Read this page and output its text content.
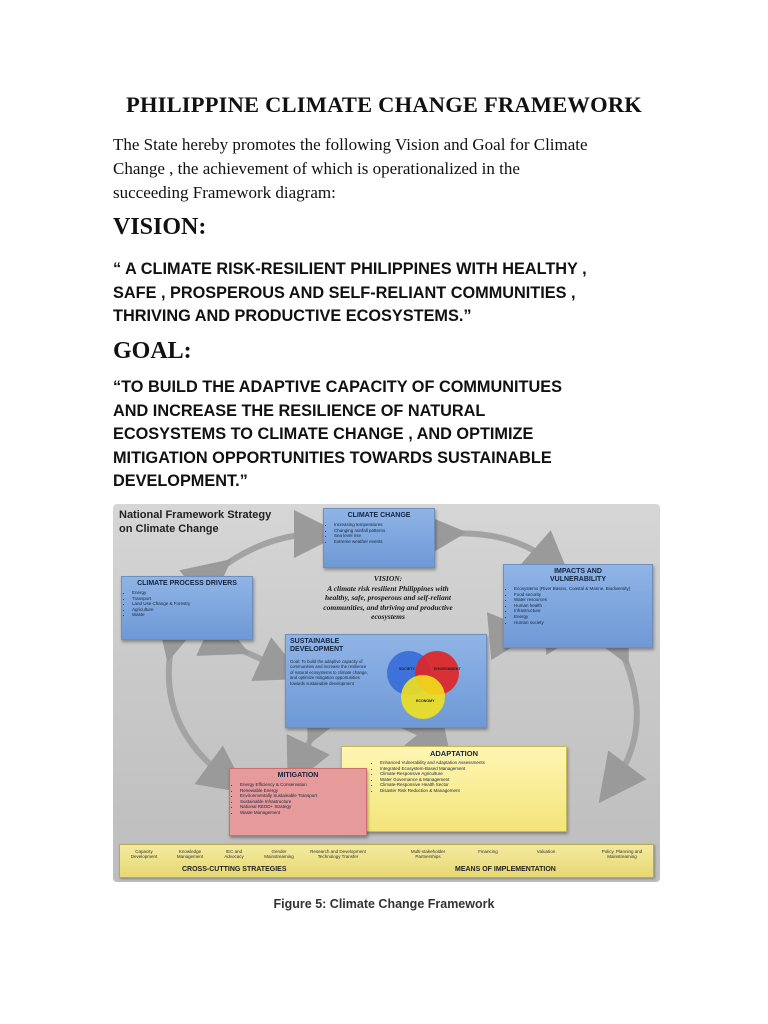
PHILIPPINE CLIMATE CHANGE FRAMEWORK
The State hereby promotes the following Vision and Goal for Climate
Change , the achievement of which is operationalized in the
succeeding Framework diagram:
VISION:
“ A CLIMATE RISK-RESILIENT PHILIPPINES WITH HEALTHY ,
SAFE , PROSPEROUS AND SELF-RELIANT COMMUNITIES ,
THRIVING AND PRODUCTIVE ECOSYSTEMS.”
GOAL:
“TO BUILD THE ADAPTIVE CAPACITY OF COMMUNITUES
AND INCREASE THE RESILIENCE OF NATURAL
ECOSYSTEMS TO CLIMATE CHANGE , AND OPTIMIZE
MITIGATION OPPORTUNITIES TOWARDS SUSTAINABLE
DEVELOPMENT.”
National Framework Strategy
on Climate Change
CLIMATE CHANGE
• Increasing temperatures
• Changing rainfall patterns
• Sea level rise
• Extreme weather events
CLIMATE PROCESS DRIVERS
• Energy
• Transport
• Land Use Change & Forestry
• Agriculture
• Waste
IMPACTS AND
VULNERABILITY
• Ecosystems (River Basins, Coastal & Marine, Biodiversity)
• Food security
• Water resources
• Human health
• Infrastructure
• Energy
• Human society
VISION:
A climate risk resilient Philippines with
healthy, safe, prosperous and self-reliant
communities, and thriving and productive
ecosystems
SUSTAINABLE
DEVELOPMENT
Goal: To build the adaptive capacity of communities and increase the resilience of natural ecosystems to climate change, and optimize mitigation opportunities towards sustainable development
SOCIETY	ENVIRONMENT
ECONOMY
ADAPTATION
• Enhanced Vulnerability and Adaptation Assessments
• Integrated Ecosystem-Based Management
• Climate-Responsive Agriculture
• Water Governance & Management
• Climate-Responsive Health Sector
• Disaster Risk Reduction & Management
MITIGATION
• Energy Efficiency & Conservation
• Renewable Energy
• Environmentally Sustainable Transport
• Sustainable Infrastructure
• National REDD+ Strategy
• Waste Management
Capacity Development
Knowledge Management
IEC and Advocacy
Gender Mainstreaming
Research and Development Technology Transfer
CROSS-CUTTING STRATEGIES
Multi-stakeholder Partnerships
Financing	Valuation	Policy, Planning and Mainstreaming
MEANS OF IMPLEMENTATION
Figure 5: Climate Change Framework
